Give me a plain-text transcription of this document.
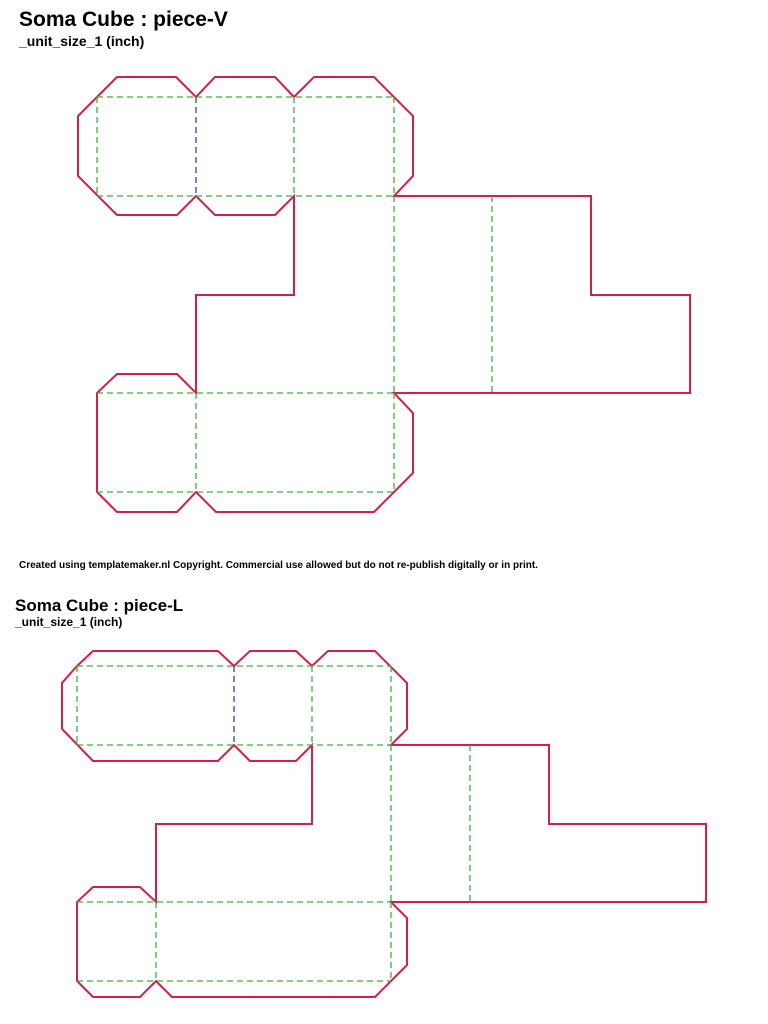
Soma Cube : piece-V
_unit_size_1 (inch)
Created using templatemaker.nl Copyright. Commercial use allowed but do not re-publish digitally or in print.
Soma Cube : piece-L
_unit_size_1 (inch)
